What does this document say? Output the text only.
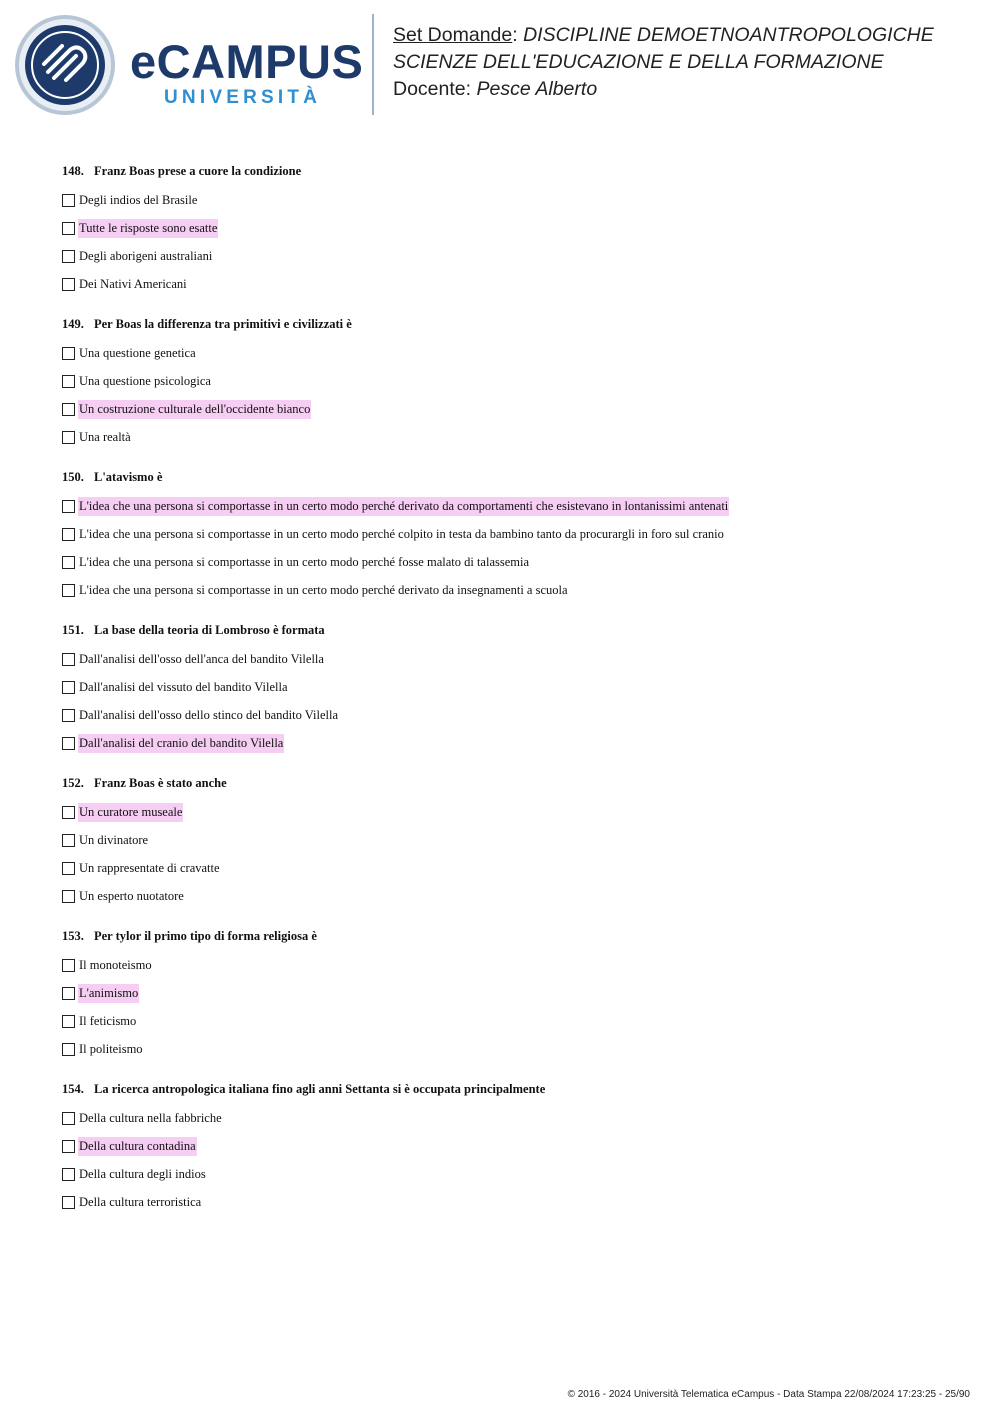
eCAMPUS
UNIVERSITÀ
Set Domande: DISCIPLINE DEMOETNOANTROPOLOGICHE
SCIENZE DELL'EDUCAZIONE E DELLA FORMAZIONE
Docente: Pesce Alberto
148. Franz Boas prese a cuore la condizione
Degli indios del Brasile
Tutte le risposte sono esatte
Degli aborigeni australiani
Dei Nativi Americani
149. Per Boas la differenza tra primitivi e civilizzati è
Una questione genetica
Una questione psicologica
Un costruzione culturale dell'occidente bianco
Una realtà
150. L'atavismo è
L'idea che una persona si comportasse in un certo modo perché derivato da comportamenti che esistevano in lontanissimi antenati
L'idea che una persona si comportasse in un certo modo perché colpito in testa da bambino tanto da procurargli in foro sul cranio
L'idea che una persona si comportasse in un certo modo perché fosse malato di talassemia
L'idea che una persona si comportasse in un certo modo perché derivato da insegnamenti a scuola
151. La base della teoria di Lombroso è formata
Dall'analisi dell'osso dell'anca del bandito Vilella
Dall'analisi del vissuto del bandito Vilella
Dall'analisi dell'osso dello stinco del bandito Vilella
Dall'analisi del cranio del bandito Vilella
152. Franz Boas è stato anche
Un curatore museale
Un divinatore
Un rappresentate di cravatte
Un esperto nuotatore
153. Per tylor il primo tipo di forma religiosa è
Il monoteismo
L'animismo
Il feticismo
Il politeismo
154. La ricerca antropologica italiana fino agli anni Settanta si è occupata principalmente
Della cultura nella fabbriche
Della cultura contadina
Della cultura degli indios
Della cultura terroristica
© 2016 - 2024 Università Telematica eCampus - Data Stampa 22/08/2024 17:23:25 - 25/90
